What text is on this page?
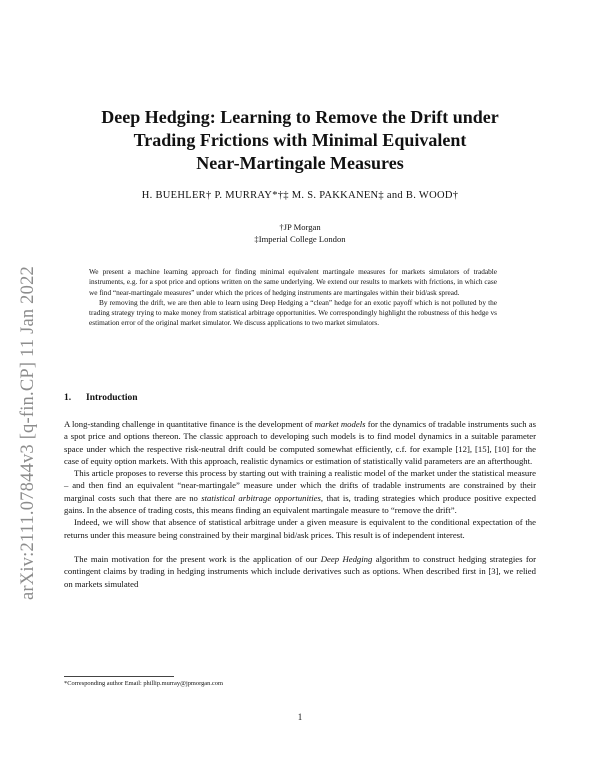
arXiv:2111.07844v3 [q-fin.CP] 11 Jan 2022
Deep Hedging: Learning to Remove the Drift under
Trading Frictions with Minimal Equivalent
Near-Martingale Measures
H. BUEHLER† P. MURRAY*†‡ M. S. PAKKANEN‡ and B. WOOD†
†JP Morgan
‡Imperial College London

We present a machine learning approach for finding minimal equivalent martingale measures for markets simulators of tradable instruments, e.g. for a spot price and options written on the same underlying. We extend our results to markets with frictions, in which case we find “near-martingale measures” under which the prices of hedging instruments are martingales within their bid/ask spread.

By removing the drift, we are then able to learn using Deep Hedging a “clean” hedge for an exotic payoff which is not polluted by the trading strategy trying to make money from statistical arbitrage opportunities. We correspondingly highlight the robustness of this hedge vs estimation error of the original market simulator. We discuss applications to two market simulators.

1. Introduction

A long-standing challenge in quantitative finance is the development of market models for the dynamics of tradable instruments such as a spot price and options thereon. The classic approach to developing such models is to find model dynamics in a suitable parameter space under which the respective risk-neutral drift could be computed somewhat efficiently, c.f. for example [12], [15], [10] for the case of equity option markets. With this approach, realistic dynamics or estimation of statistically valid parameters are an afterthought.

This article proposes to reverse this process by starting out with training a realistic model of the market under the statistical measure – and then find an equivalent “near-martingale” measure under which the drifts of tradable instruments are constrained by their marginal costs such that there are no statistical arbitrage opportunities, that is, trading strategies which produce positive expected gains. In the absence of trading costs, this means finding an equivalent martingale measure to “remove the drift”.

Indeed, we will show that absence of statistical arbitrage under a given measure is equivalent to the conditional expectation of the returns under this measure being constrained by their marginal bid/ask prices. This result is of independent interest.

The main motivation for the present work is the application of our Deep Hedging algorithm to construct hedging strategies for contingent claims by trading in hedging instruments which include derivatives such as options. When described first in [3], we relied on markets simulated

*Corresponding author Email: phillip.murray@jpmorgan.com
1
